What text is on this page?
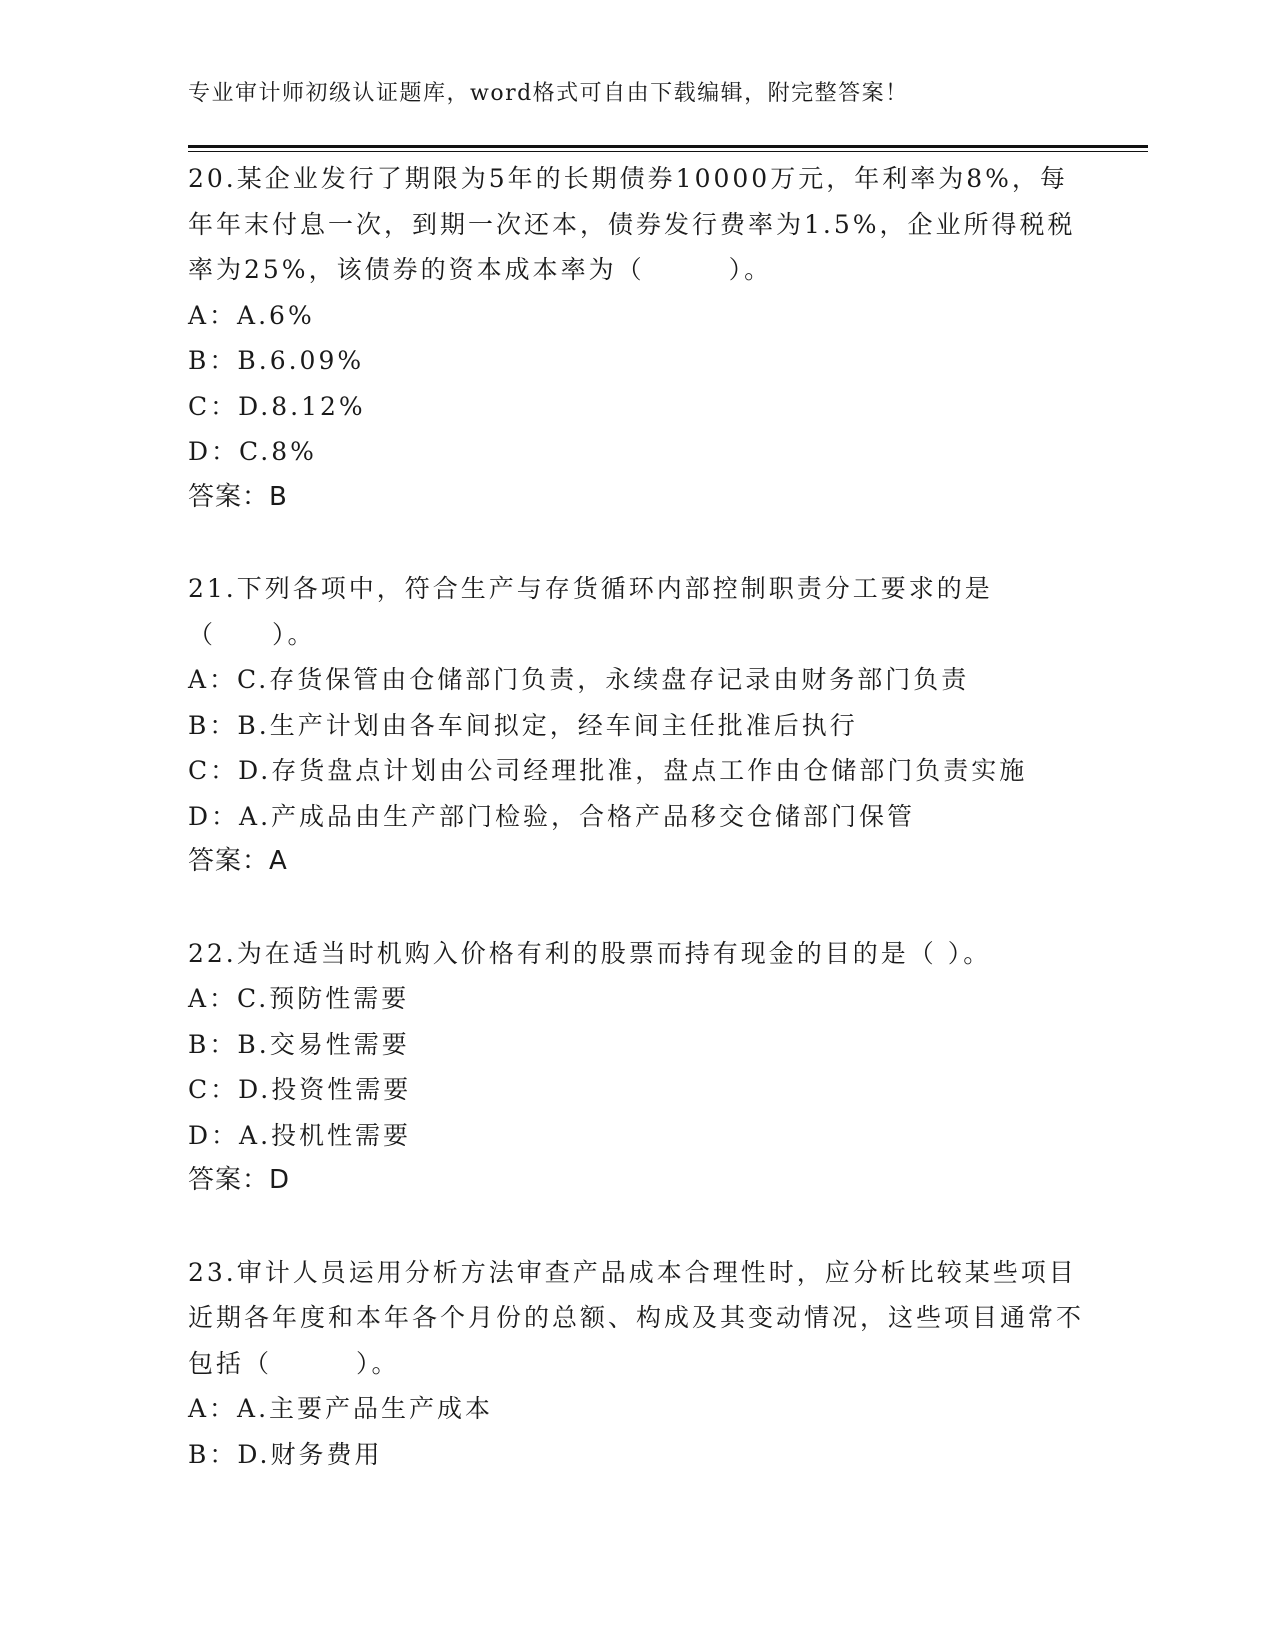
专业审计师初级认证题库，word格式可自由下载编辑，附完整答案！

20.某企业发行了期限为5年的长期债券10000万元，年利率为8%，每年年末付息一次，到期一次还本，债券发行费率为1.5%，企业所得税税率为25%，该债券的资本成本率为（　　　）。

A：A.6%

B：B.6.09%

C：D.8.12%

D：C.8%

答案：B

21.下列各项中，符合生产与存货循环内部控制职责分工要求的是（　　）。

A：C.存货保管由仓储部门负责，永续盘存记录由财务部门负责

B：B.生产计划由各车间拟定，经车间主任批准后执行

C：D.存货盘点计划由公司经理批准，盘点工作由仓储部门负责实施

D：A.产成品由生产部门检验，合格产品移交仓储部门保管

答案：A

22.为在适当时机购入价格有利的股票而持有现金的目的是（ ）。

A：C.预防性需要

B：B.交易性需要

C：D.投资性需要

D：A.投机性需要

答案：D

23.审计人员运用分析方法审查产品成本合理性时，应分析比较某些项目近期各年度和本年各个月份的总额、构成及其变动情况，这些项目通常不包括（　　　）。

A：A.主要产品生产成本

B：D.财务费用
